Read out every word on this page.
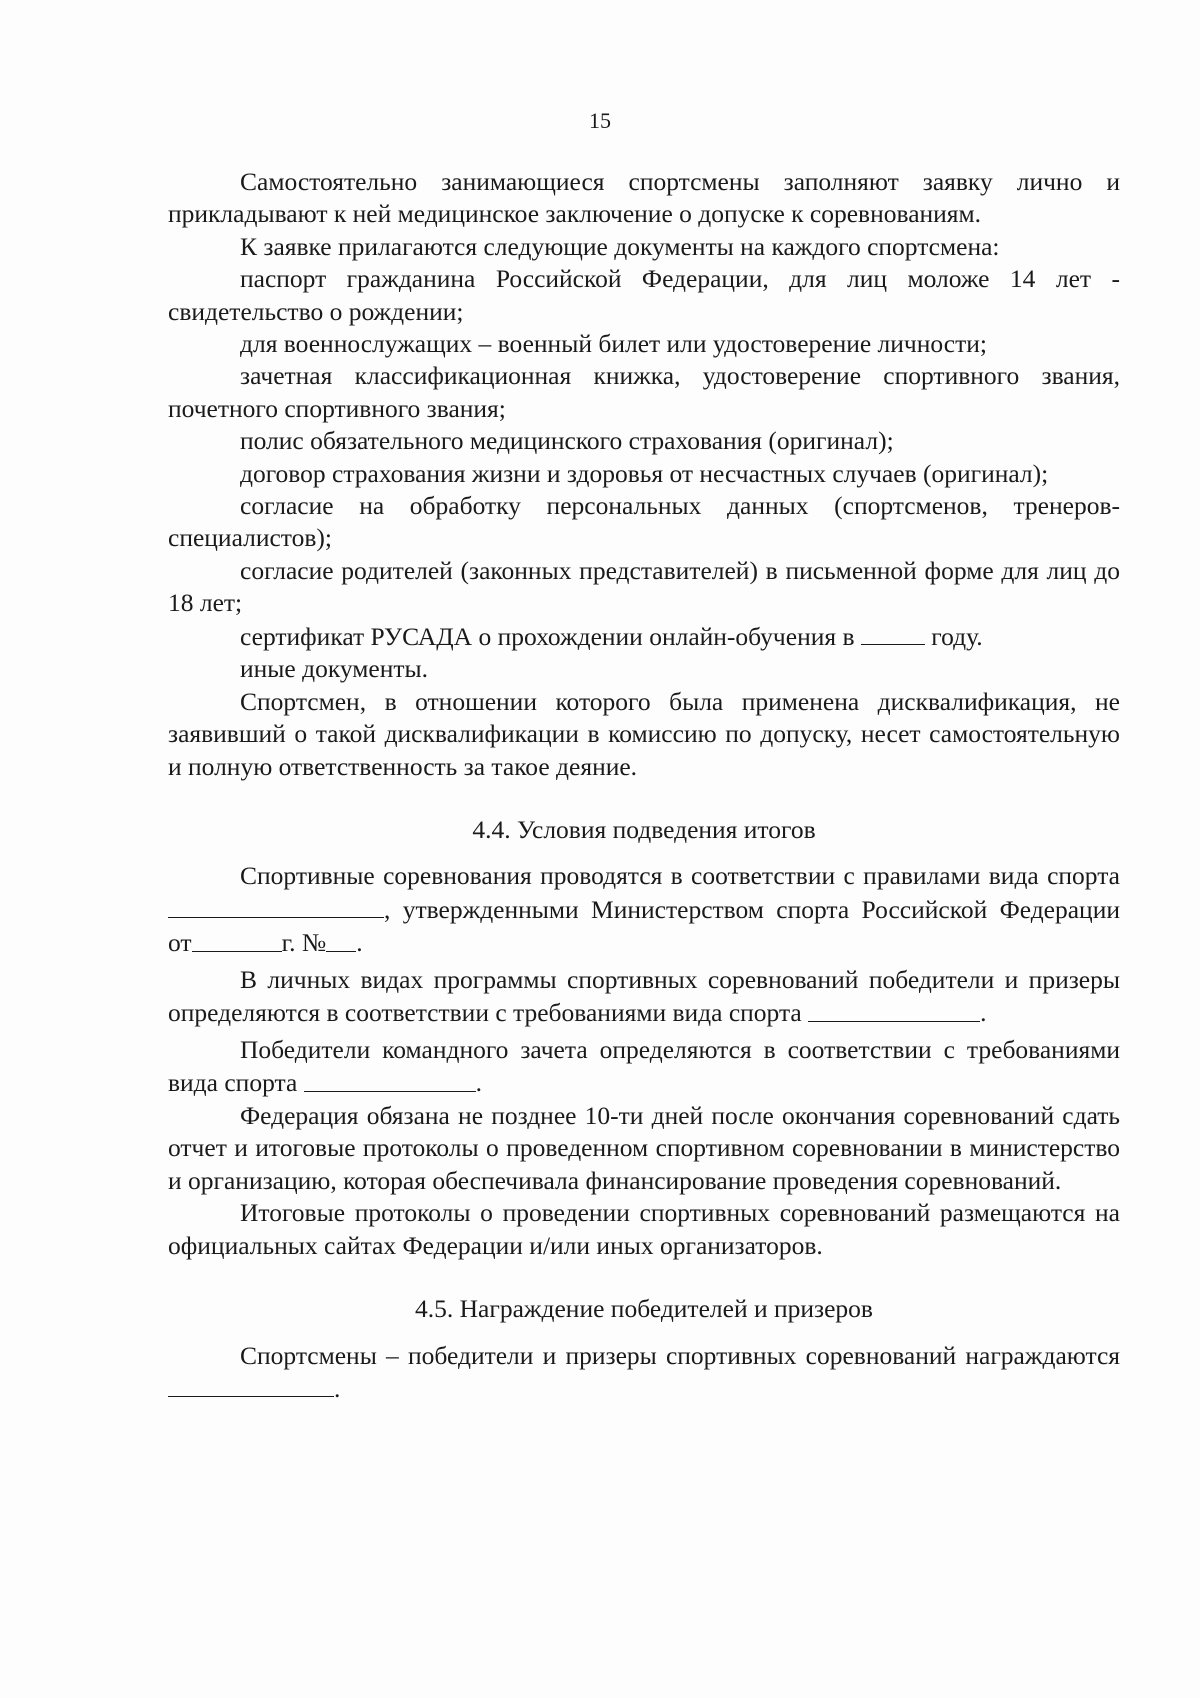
15

Самостоятельно занимающиеся спортсмены заполняют заявку лично и прикладывают к ней медицинское заключение о допуске к соревнованиям.

К заявке прилагаются следующие документы на каждого спортсмена:

паспорт гражданина Российской Федерации, для лиц моложе 14 лет - свидетельство о рождении;

для военнослужащих – военный билет или удостоверение личности;

зачетная классификационная книжка, удостоверение спортивного звания, почетного спортивного звания;

полис обязательного медицинского страхования (оригинал);

договор страхования жизни и здоровья от несчастных случаев (оригинал);

согласие на обработку персональных данных (спортсменов, тренеров-специалистов);

согласие родителей (законных представителей) в письменной форме для лиц до 18 лет;

сертификат РУСАДА о прохождении онлайн-обучения в	году.

иные документы.

Спортсмен, в отношении которого была применена дисквалификация, не заявивший о такой дисквалификации в комиссию по допуску, несет самостоятельную и полную ответственность за такое деяние.

4.4. Условия подведения итогов

Спортивные соревнования проводятся в соответствии с правилами вида спорта , утвержденными Министерством спорта Российской Федерации от	г. № .

В личных видах программы спортивных соревнований победители и призеры определяются в соответствии с требованиями вида спорта	.

Победители командного зачета определяются в соответствии с требованиями вида спорта	.

Федерация обязана не позднее 10-ти дней после окончания соревнований сдать отчет и итоговые протоколы о проведенном спортивном соревновании в министерство и организацию, которая обеспечивала финансирование проведения соревнований.

Итоговые протоколы о проведении спортивных соревнований размещаются на официальных сайтах Федерации и/или иных организаторов.

4.5. Награждение победителей и призеров

Спортсмены – победители и призеры спортивных соревнований награждаются .
